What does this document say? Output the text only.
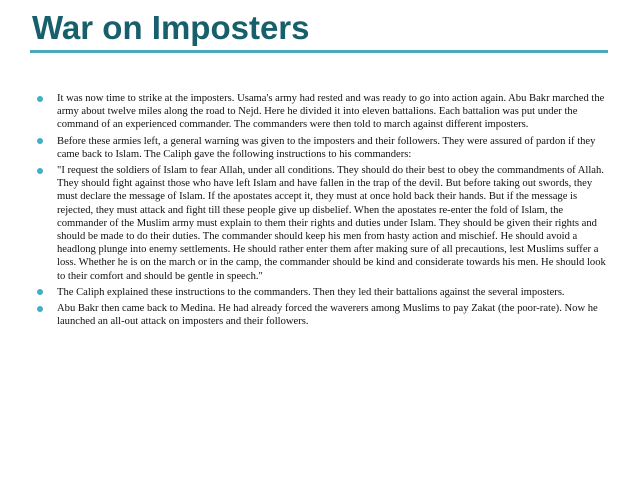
War on Imposters
It was now time to strike at the imposters. Usama's army had rested and was ready to go into action again. Abu Bakr marched the army about twelve miles along the road to Nejd. Here he divided it into eleven battalions. Each battalion was put under the command of an experienced commander. The commanders were then told to march against different imposters.
Before these armies left, a general warning was given to the imposters and their followers. They were assured of pardon if they came back to Islam. The Caliph gave the following instructions to his commanders:
"I request the soldiers of Islam to fear Allah, under all conditions. They should do their best to obey the commandments of Allah. They should fight against those who have left Islam and have fallen in the trap of the devil. But before taking out swords, they must declare the message of Islam. If the apostates accept it, they must at once hold back their hands. But if the message is rejected, they must attack and fight till these people give up disbelief. When the apostates re-enter the fold of Islam, the commander of the Muslim army must explain to them their rights and duties under Islam. They should be given their rights and should be made to do their duties. The commander should keep his men from hasty action and mischief. He should avoid a headlong plunge into enemy settlements. He should rather enter them after making sure of all precautions, lest Muslims suffer a loss. Whether he is on the march or in the camp, the commander should be kind and considerate towards his men. He should look to their comfort and should be gentle in speech."
The Caliph explained these instructions to the commanders. Then they led their battalions against the several imposters.
Abu Bakr then came back to Medina. He had already forced the waverers among Muslims to pay Zakat (the poor-rate). Now he launched an all-out attack on imposters and their followers.
